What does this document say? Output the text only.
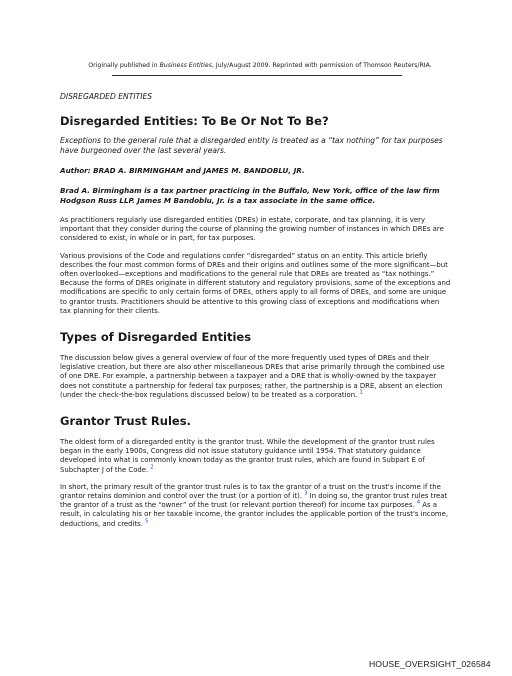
Originally published in Business Entities, July/August 2009. Reprinted with permission of Thomson Reuters/RIA.

DISREGARDED ENTITIES

Disregarded Entities: To Be Or Not To Be?

Exceptions to the general rule that a disregarded entity is treated as a “tax nothing” for tax purposes have burgeoned over the last several years.

Author: BRAD A. BIRMINGHAM and JAMES M. BANDOBLU, JR.

Brad A. Birmingham is a tax partner practicing in the Buffalo, New York, office of the law firm Hodgson Russ LLP. James M Bandoblu, Jr. is a tax associate in the same office.

As practitioners regularly use disregarded entities (DREs) in estate, corporate, and tax planning, it is very important that they consider during the course of planning the growing number of instances in which DREs are considered to exist, in whole or in part, for tax purposes.

Various provisions of the Code and regulations confer “disregarded” status on an entity. This article briefly describes the four most common forms of DREs and their origins and outlines some of the more significant—but often overlooked—exceptions and modifications to the general rule that DREs are treated as “tax nothings.” Because the forms of DREs originate in different statutory and regulatory provisions, some of the exceptions and modifications are specific to only certain forms of DREs, others apply to all forms of DREs, and some are unique to grantor trusts. Practitioners should be attentive to this growing class of exceptions and modifications when tax planning for their clients.

Types of Disregarded Entities

The discussion below gives a general overview of four of the more frequently used types of DREs and their legislative creation, but there are also other miscellaneous DREs that arise primarily through the combined use of one DRE. For example, a partnership between a taxpayer and a DRE that is wholly-owned by the taxpayer does not constitute a partnership for federal tax purposes; rather, the partnership is a DRE, absent an election (under the check-the-box regulations discussed below) to be treated as a corporation. $^1$

Grantor Trust Rules.

The oldest form of a disregarded entity is the grantor trust. While the development of the grantor trust rules began in the early 1900s, Congress did not issue statutory guidance until 1954. That statutory guidance developed into what is commonly known today as the grantor trust rules, which are found in Subpart E of Subchapter J of the Code. $^2$

In short, the primary result of the grantor trust rules is to tax the grantor of a trust on the trust's income if the grantor retains dominion and control over the trust (or a portion of it). $^3$ In doing so, the grantor trust rules treat the grantor of a trust as the “owner” of the trust (or relevant portion thereof) for income tax purposes. $^4$ As a result, in calculating his or her taxable income, the grantor includes the applicable portion of the trust's income, deductions, and credits. $^5$

HOUSE_OVERSIGHT_026584
